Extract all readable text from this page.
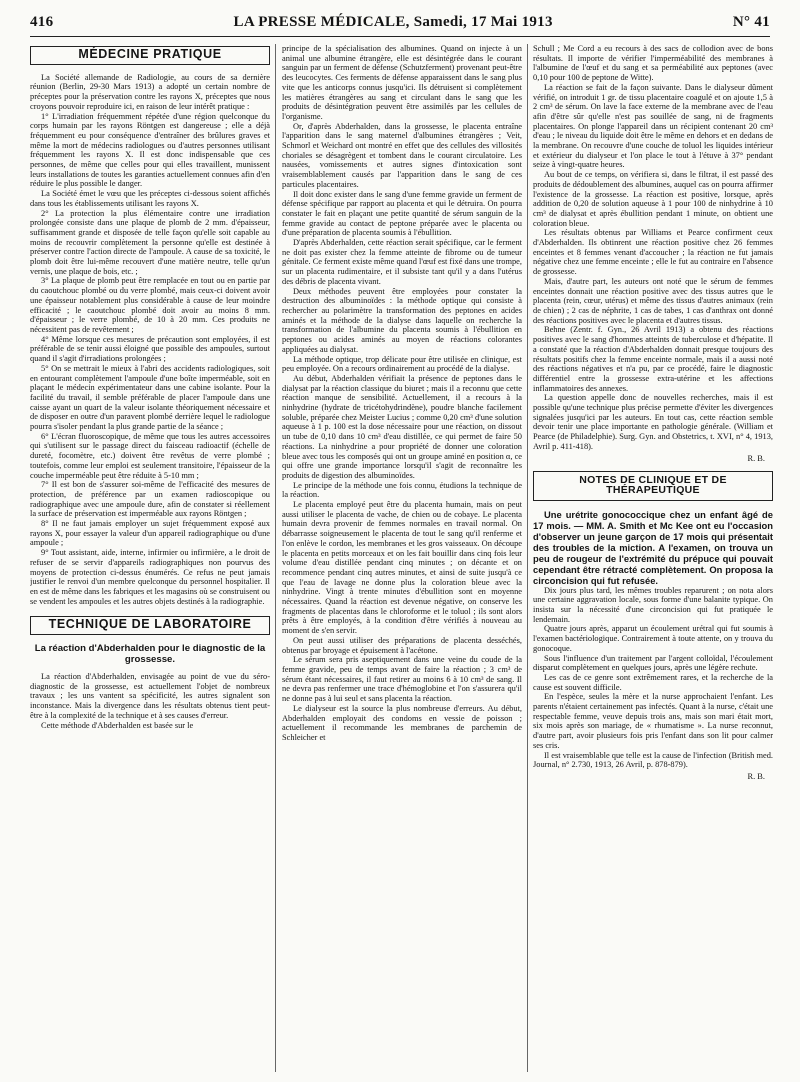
416	LA PRESSE MÉDICALE, Samedi, 17 Mai 1913	N° 41
MÉDECINE PRATIQUE

La Société allemande de Radiologie, au cours de sa dernière réunion (Berlin, 29-30 Mars 1913) a adopté un certain nombre de préceptes pour la préservation contre les rayons X, préceptes que nous croyons pouvoir reproduire ici, en raison de leur intérêt pratique :

1° L'irradiation fréquemment répétée d'une région quelconque du corps humain par les rayons Röntgen est dangereuse ; elle a déjà fréquemment eu pour conséquence d'entraîner des brûlures graves et même la mort de médecins radiologues ou d'autres personnes utilisant fréquemment les rayons X. Il est donc indispensable que ces personnes, de même que celles pour qui elles travaillent, munissent leurs installations de toutes les garanties actuellement connues afin d'en réduire le plus possible le danger.

La Société émet le vœu que les préceptes ci-dessous soient affichés dans tous les établissements utilisant les rayons X.

2° La protection la plus élémentaire contre une irradiation prolongée consiste dans une plaque de plomb de 2 mm. d'épaisseur, suffisamment grande et disposée de telle façon qu'elle soit capable au moins de recouvrir complètement la personne qu'elle est destinée à préserver contre l'action directe de l'ampoule. A cause de sa toxicité, le plomb doit être lui-même recouvert d'une matière neutre, telle qu'un vernis, une plaque de bois, etc. ;

3° La plaque de plomb peut être remplacée en tout ou en partie par du caoutchouc plombé ou du verre plombé, mais ceux-ci doivent avoir une épaisseur notablement plus considérable à cause de leur moindre efficacité ; le caoutchouc plombé doit avoir au moins 8 mm. d'épaisseur ; le verre plombé, de 10 à 20 mm. Ces produits ne nécessitent pas de revêtement ;

4° Même lorsque ces mesures de précaution sont employées, il est préférable de se tenir aussi éloigné que possible des ampoules, surtout quand il s'agit d'irradiations prolongées ;

5° On se mettrait le mieux à l'abri des accidents radiologiques, soit en entourant complètement l'ampoule d'une boîte imperméable, soit en plaçant le médecin expérimentateur dans une cabine isolante. Pour la facilité du travail, il semble préférable de placer l'ampoule dans une caisse ayant un quart de la valeur isolante théoriquement nécessaire et de disposer en outre d'un paravent plombé derrière lequel le radiologue pourra s'isoler pendant la plus grande partie de la séance ;

6° L'écran fluoroscopique, de même que tous les autres accessoires qui s'utilisent sur le passage direct du faisceau radioactif (échelle de dureté, focomètre, etc.) doivent être revêtus de verre plombé ; toutefois, comme leur emploi est seulement transitoire, l'épaisseur de la couche imperméable peut être réduite à 5-10 mm ;

7° Il est bon de s'assurer soi-même de l'efficacité des mesures de protection, de préférence par un examen radioscopique ou radiographique avec une ampoule dure, afin de constater si réellement la surface de préservation est imperméable aux rayons Röntgen ;

8° Il ne faut jamais employer un sujet fréquemment exposé aux rayons X, pour essayer la valeur d'un appareil radiographique ou d'une ampoule ;

9° Tout assistant, aide, interne, infirmier ou infirmière, a le droit de refuser de se servir d'appareils radiographiques non pourvus des moyens de protection ci-dessus énumérés. Ce refus ne peut jamais justifier le renvoi d'un membre quelconque du personnel hospitalier. Il en est de même dans les fabriques et les magasins où se construisent ou se vendent les ampoules et les autres objets destinés à la radiographie.

TECHNIQUE DE LABORATOIRE
La réaction d'Abderhalden pour le diagnostic de la grossesse.

La réaction d'Abderhalden, envisagée au point de vue du séro-diagnostic de la grossesse, est actuellement l'objet de nombreux travaux ; les uns vantent sa spécificité, les autres signalent son inconstance. Mais la divergence dans les résultats obtenus tient peut-être à la complexité de la technique et à ses causes d'erreur.

Cette méthode d'Abderhalden est basée sur le

principe de la spécialisation des albumines. Quand on injecte à un animal une albumine étrangère, elle est désintégrée dans le courant sanguin par un ferment de défense (Schutzferment) provenant peut-être des leucocytes. Ces ferments de défense apparaissent dans le sang plus vite que les anticorps connus jusqu'ici. Ils détruisent si complètement les matières étrangères au sang et circulant dans le sang que les produits de désintégration peuvent être assimilés par les cellules de l'organisme.

Or, d'après Abderhalden, dans la grossesse, le placenta entraîne l'apparition dans le sang maternel d'albumines étrangères ; Veit, Schmorl et Weichard ont montré en effet que des cellules des villosités choriales se désagrègent et tombent dans le courant circulatoire. Les nausées, vomissements et autres signes d'intoxication sont vraisemblablement causés par l'apparition dans le sang de ces particules placentaires.

Il doit donc exister dans le sang d'une femme gravide un ferment de défense spécifique par rapport au placenta et qui le détruira. On pourra constater le fait en plaçant une petite quantité de sérum sanguin de la femme gravide au contact de peptone préparée avec le placenta ou d'une préparation de placenta soumis à l'ébullition.

D'après Abderhalden, cette réaction serait spécifique, car le ferment ne doit pas exister chez la femme atteinte de fibrome ou de tumeur génitale. Ce ferment existe même quand l'œuf est fixé dans une trompe, sur un placenta rudimentaire, et il subsiste tant qu'il y a dans l'utérus des débris de placenta vivant.

Deux méthodes peuvent être employées pour constater la destruction des albuminoïdes : la méthode optique qui consiste à rechercher au polarimètre la transformation des peptones en acides aminés et la méthode de la dialyse dans laquelle on recherche la transformation de l'albumine du placenta soumis à l'ébullition en peptones ou acides aminés au moyen de réactions colorantes appliquées au dialysat.

La méthode optique, trop délicate pour être utilisée en clinique, est peu employée. On a recours ordinairement au procédé de la dialyse.

Au début, Abderhalden vérifiait la présence de peptones dans le dialysat par la réaction classique du biuret ; mais il a reconnu que cette réaction manque de sensibilité. Actuellement, il a recours à la ninhydrine (hydrate de tricétohydrindène), poudre blanche facilement soluble, préparée chez Meister Lucius ; comme 0,20 cm³ d'une solution aqueuse à 1 p. 100 est la dose nécessaire pour une réaction, on dissout un tube de 0,10 dans 10 cm³ d'eau distillée, ce qui permet de faire 50 réactions. La ninhydrine a pour propriété de donner une coloration bleue avec tous les composés qui ont un groupe aminé en position α, ce qui offre une grande importance lorsqu'il s'agit de reconnaître les produits de digestion des albuminoïdes.

Le principe de la méthode une fois connu, étudions la technique de la réaction.

Le placenta employé peut être du placenta humain, mais on peut aussi utiliser le placenta de vache, de chien ou de cobaye. Le placenta humain devra provenir de femmes normales en travail normal. On débarrasse soigneusement le placenta de tout le sang qu'il renferme et l'on enlève le cordon, les membranes et les gros vaisseaux. On découpe le placenta en petits morceaux et on les fait bouillir dans cinq fois leur volume d'eau distillée pendant cinq minutes ; on décante et on recommence pendant cinq autres minutes, et ainsi de suite jusqu'à ce que l'eau de lavage ne donne plus la coloration bleue avec la ninhydrine. Vingt à trente minutes d'ébullition sont en moyenne nécessaires. Quand la réaction est devenue négative, on conserve les fragments de placentas dans le chloroforme et le toluol ; ils sont alors prêts à être employés, à la condition d'être vérifiés à nouveau au moment de s'en servir.

On peut aussi utiliser des préparations de placenta desséchés, obtenus par broyage et épuisement à l'acétone.

Le sérum sera pris aseptiquement dans une veine du coude de la femme gravide, peu de temps avant de faire la réaction ; 3 cm³ de sérum étant nécessaires, il faut retirer au moins 6 à 10 cm³ de sang. Il ne devra pas renfermer une trace d'hémoglobine et l'on s'assurera qu'il ne donne pas à lui seul et sans placenta la réaction.

Le dialyseur est la source la plus nombreuse d'erreurs. Au début, Abderhalden employait des condoms en vessie de poisson ; actuellement il recommande les membranes de parchemin de Schleicher et

Schull ; Me Cord a eu recours à des sacs de collodion avec de bons résultats. Il importe de vérifier l'imperméabilité des membranes à l'albumine de l'œuf et du sang et sa perméabilité aux peptones (avec 0,10 pour 100 de peptone de Witte).

La réaction se fait de la façon suivante. Dans le dialyseur dûment vérifié, on introduit 1 gr. de tissu placentaire coagulé et on ajoute 1,5 à 2 cm³ de sérum. On lave la face externe de la membrane avec de l'eau afin d'être sûr qu'elle n'est pas souillée de sang, ni de fragments placentaires. On plonge l'appareil dans un récipient contenant 20 cm³ d'eau ; le niveau du liquide doit être le même en dehors et en dedans de la membrane. On recouvre d'une couche de toluol les liquides intérieur et extérieur du dialyseur et l'on place le tout à l'étuve à 37° pendant seize à vingt-quatre heures.

Au bout de ce temps, on vérifiera si, dans le filtrat, il est passé des produits de dédoublement des albumines, auquel cas on pourra affirmer l'existence de la grossesse. La réaction est positive, lorsque, après addition de 0,20 de solution aqueuse à 1 pour 100 de ninhydrine à 10 cm³ de dialysat et après ébullition pendant 1 minute, on obtient une coloration bleue.

Les résultats obtenus par Williams et Pearce confirment ceux d'Abderhalden. Ils obtinrent une réaction positive chez 26 femmes enceintes et 8 femmes venant d'accoucher ; la réaction ne fut jamais négative chez une femme enceinte ; elle le fut au contraire en l'absence de grossesse.

Mais, d'autre part, les auteurs ont noté que le sérum de femmes enceintes donnait une réaction positive avec des tissus autres que le placenta (rein, cœur, utérus) et même des tissus d'autres animaux (rein de chien) ; 2 cas de néphrite, 1 cas de tabes, 1 cas d'anthrax ont donné des réactions positives avec le placenta et d'autres tissus.

Behne (Zentr. f. Gyn., 26 Avril 1913) a obtenu des réactions positives avec le sang d'hommes atteints de tuberculose et d'hépatite. Il a constaté que la réaction d'Abderhalden donnait presque toujours des résultats positifs chez la femme enceinte normale, mais il a aussi noté des réactions négatives et n'a pu, par ce procédé, faire le diagnostic différentiel entre la grossesse extra-utérine et les affections inflammatoires des annexes.

La question appelle donc de nouvelles recherches, mais il est possible qu'une technique plus précise permette d'éviter les divergences signalées jusqu'ici par les auteurs. En tout cas, cette réaction semble devoir tenir une place importante en pathologie générale. (William et Pearce (de Philadelphie). Surg. Gyn. and Obstetrics, t. XVI, n° 4, 1913, Avril p. 411-418).

R. B.

NOTES DE CLINIQUE ET DE THÉRAPEUTIQUE

Une urétrite gonococcique chez un enfant âgé de 17 mois. — MM. A. Smith et Mc Kee ont eu l'occasion d'observer un jeune garçon de 17 mois qui présentait des troubles de la miction. A l'examen, on trouva un peu de rougeur de l'extrémité du prépuce qui pouvait cependant être rétracté complètement. On proposa la circoncision qui fut refusée.

Dix jours plus tard, les mêmes troubles reparurent ; on nota alors une certaine aggravation locale, sous forme d'une balanite typique. On insista sur la nécessité d'une circoncision qui fut pratiquée le lendemain.

Quatre jours après, apparut un écoulement urétral qui fut soumis à l'examen bactériologique. Contrairement à toute attente, on y trouva du gonocoque.

Sous l'influence d'un traitement par l'argent colloïdal, l'écoulement disparut complètement en quelques jours, après une légère rechute.

Les cas de ce genre sont extrêmement rares, et la recherche de la cause est souvent difficile.

En l'espèce, seules la mère et la nurse approchaient l'enfant. Les parents n'étaient certainement pas infectés. Quant à la nurse, c'était une respectable femme, veuve depuis trois ans, mais son mari était mort, six mois après son mariage, de « rhumatisme ». La nurse reconnut, d'autre part, avoir plusieurs fois pris l'enfant dans son lit pour calmer ses cris.

Il est vraisemblable que telle est la cause de l'infection (British med. Journal, n° 2.730, 1913, 26 Avril, p. 878-879).

R. B.
